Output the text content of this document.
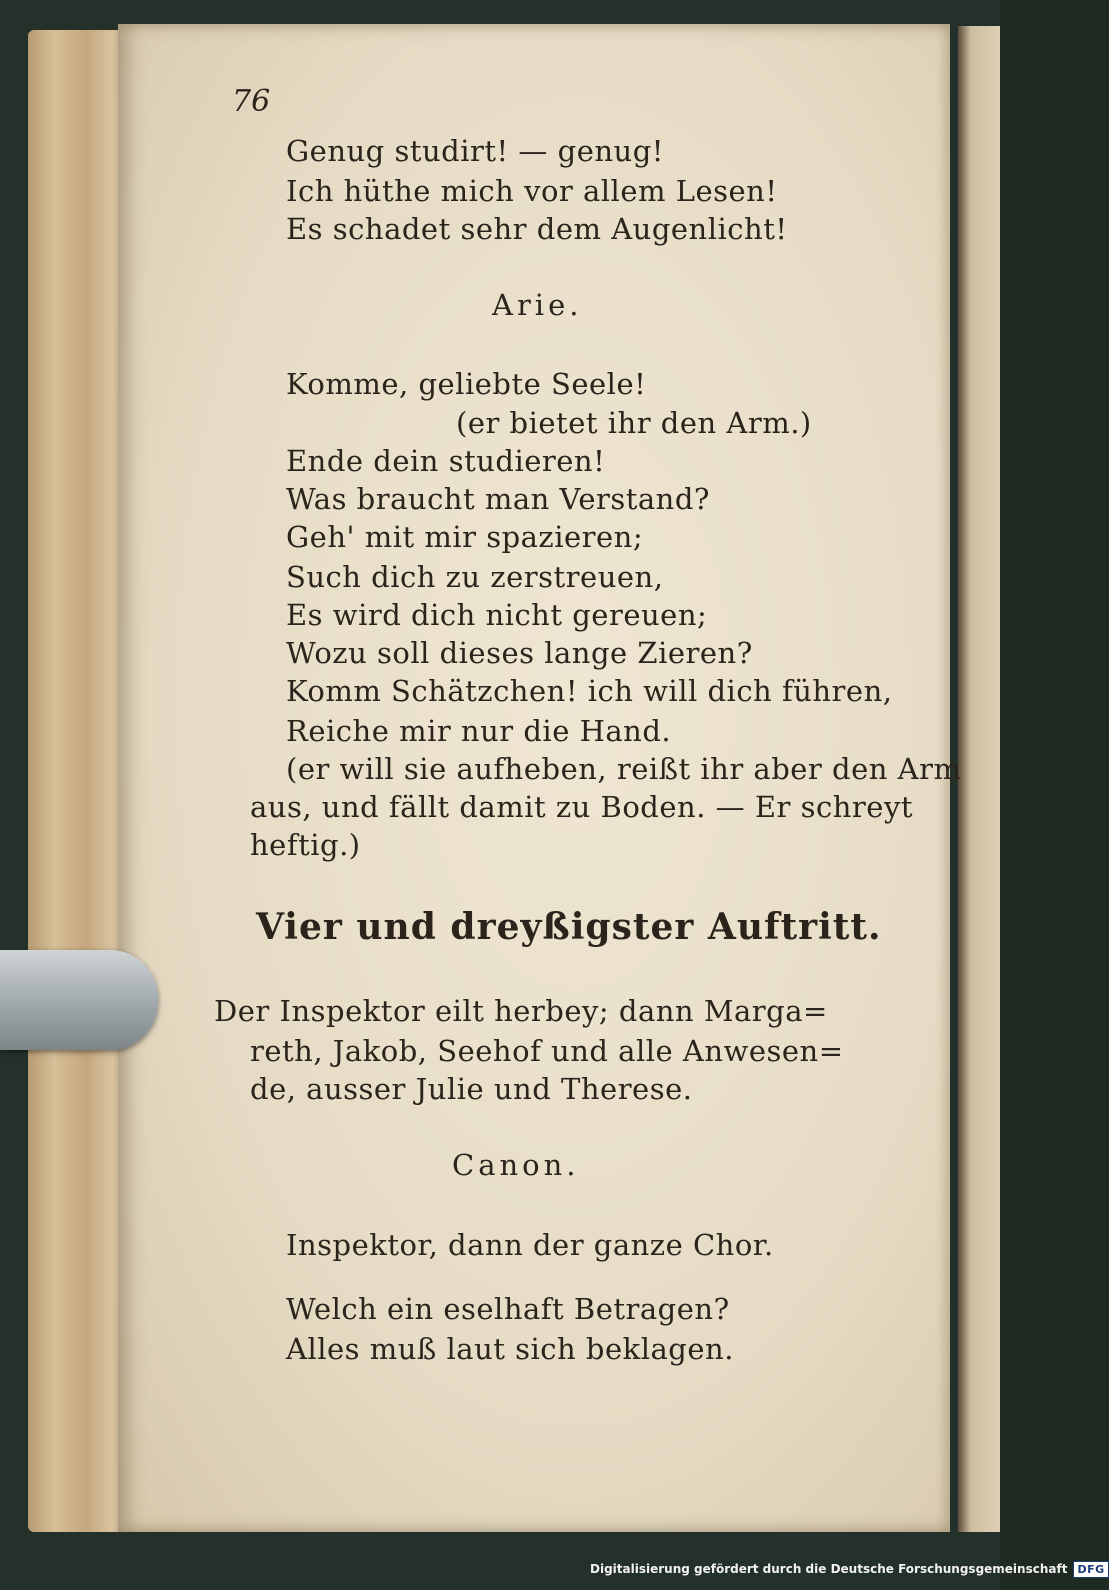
76
Genug studirt! — genug!
Ich hüthe mich vor allem Lesen!
Es schadet sehr dem Augenlicht!
Arie.
Komme, geliebte Seele!
(er bietet ihr den Arm.)
Ende dein studieren!
Was braucht man Verstand?
Geh' mit mir spazieren;
Such dich zu zerstreuen,
Es wird dich nicht gereuen;
Wozu soll dieses lange Zieren?
Komm Schätzchen! ich will dich führen,
Reiche mir nur die Hand.
(er will sie aufheben, reißt ihr aber den Arm
aus, und fällt damit zu Boden. — Er schreyt
heftig.)
Vier und dreyßigster Auftritt.
Der Inspektor eilt herbey; dann Marga=
reth, Jakob, Seehof und alle Anwesen=
de, ausser Julie und Therese.
Canon.
Inspektor, dann der ganze Chor.
Welch ein eselhaft Betragen?
Alles muß laut sich beklagen.
Digitalisierung gefördert durch die Deutsche Forschungsgemeinschaft DFG
